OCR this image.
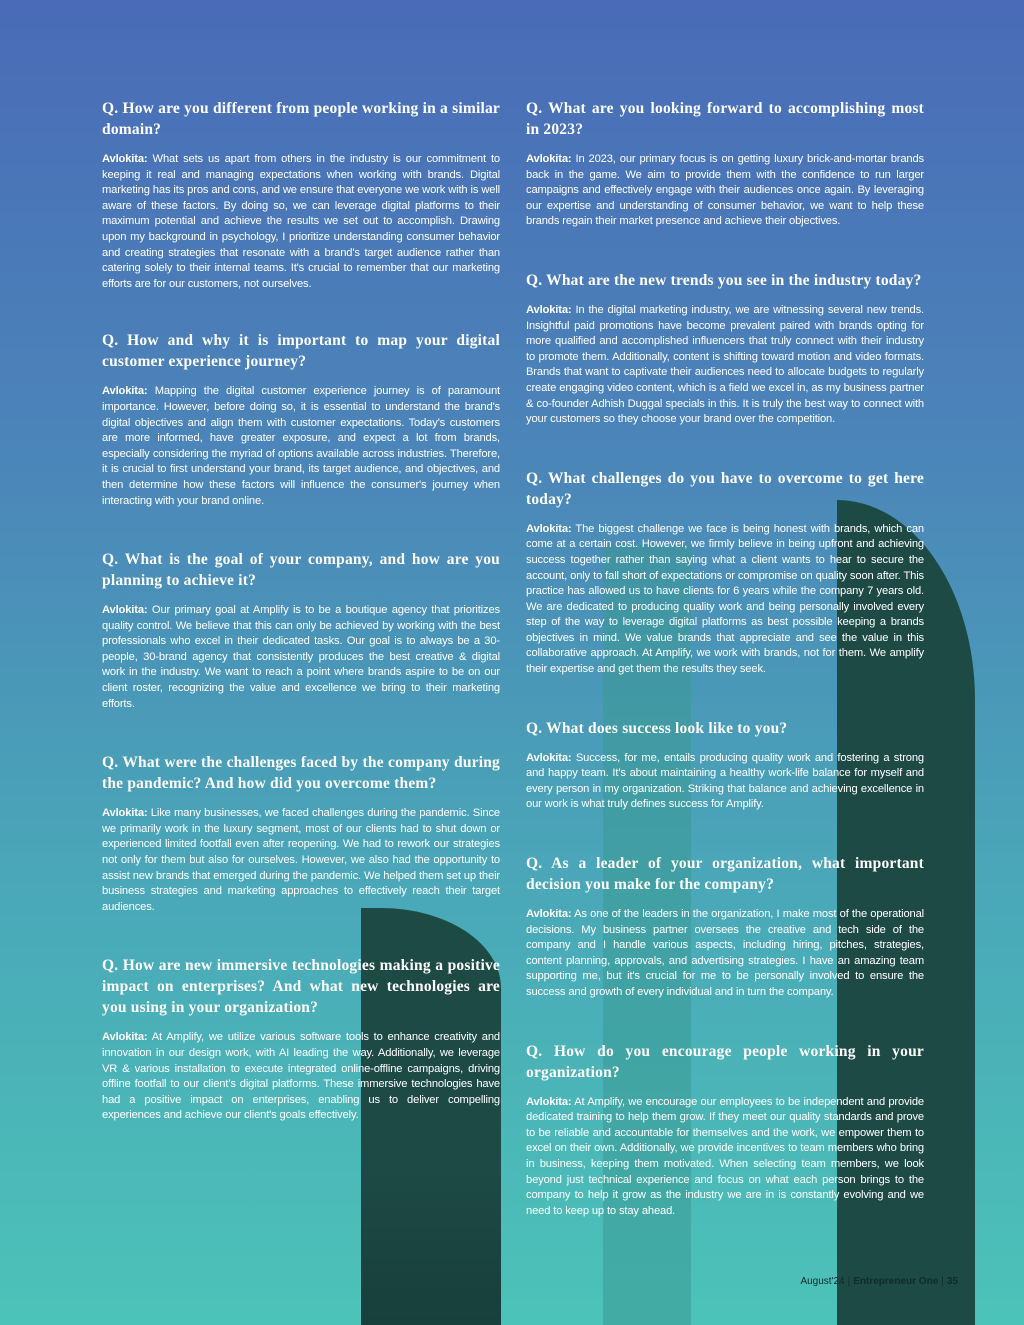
Q. How are you different from people working in a similar domain?

Avlokita: What sets us apart from others in the industry is our commitment to keeping it real and managing expectations when working with brands. Digital marketing has its pros and cons, and we ensure that everyone we work with is well aware of these factors. By doing so, we can leverage digital platforms to their maximum potential and achieve the results we set out to accomplish. Drawing upon my background in psychology, I prioritize understanding consumer behavior and creating strategies that resonate with a brand's target audience rather than catering solely to their internal teams. It's crucial to remember that our marketing efforts are for our customers, not ourselves.

Q. How and why it is important to map your digital customer experience journey?

Avlokita: Mapping the digital customer experience journey is of paramount importance. However, before doing so, it is essential to understand the brand's digital objectives and align them with customer expectations. Today's customers are more informed, have greater exposure, and expect a lot from brands, especially considering the myriad of options available across industries. Therefore, it is crucial to first understand your brand, its target audience, and objectives, and then determine how these factors will influence the consumer's journey when interacting with your brand online.

Q. What is the goal of your company, and how are you planning to achieve it?

Avlokita: Our primary goal at Amplify is to be a boutique agency that prioritizes quality control. We believe that this can only be achieved by working with the best professionals who excel in their dedicated tasks. Our goal is to always be a 30-people, 30-brand agency that consistently produces the best creative & digital work in the industry. We want to reach a point where brands aspire to be on our client roster, recognizing the value and excellence we bring to their marketing efforts.

Q. What were the challenges faced by the company during the pandemic? And how did you overcome them?

Avlokita: Like many businesses, we faced challenges during the pandemic. Since we primarily work in the luxury segment, most of our clients had to shut down or experienced limited footfall even after reopening. We had to rework our strategies not only for them but also for ourselves. However, we also had the opportunity to assist new brands that emerged during the pandemic. We helped them set up their business strategies and marketing approaches to effectively reach their target audiences.

Q. How are new immersive technologies making a positive impact on enterprises? And what new technologies are you using in your organization?

Avlokita: At Amplify, we utilize various software tools to enhance creativity and innovation in our design work, with AI leading the way. Additionally, we leverage VR & various installation to execute integrated online-offline campaigns, driving offline footfall to our client's digital platforms. These immersive technologies have had a positive impact on enterprises, enabling us to deliver compelling experiences and achieve our client's goals effectively.

Q. What are you looking forward to accomplishing most in 2023?

Avlokita: In 2023, our primary focus is on getting luxury brick-and-mortar brands back in the game. We aim to provide them with the confidence to run larger campaigns and effectively engage with their audiences once again. By leveraging our expertise and understanding of consumer behavior, we want to help these brands regain their market presence and achieve their objectives.

Q. What are the new trends you see in the industry today?

Avlokita: In the digital marketing industry, we are witnessing several new trends. Insightful paid promotions have become prevalent paired with brands opting for more qualified and accomplished influencers that truly connect with their industry to promote them. Additionally, content is shifting toward motion and video formats. Brands that want to captivate their audiences need to allocate budgets to regularly create engaging video content, which is a field we excel in, as my business partner & co-founder Adhish Duggal specials in this. It is truly the best way to connect with your customers so they choose your brand over the competition.

Q. What challenges do you have to overcome to get here today?

Avlokita: The biggest challenge we face is being honest with brands, which can come at a certain cost. However, we firmly believe in being upfront and achieving success together rather than saying what a client wants to hear to secure the account, only to fall short of expectations or compromise on quality soon after. This practice has allowed us to have clients for 6 years while the company 7 years old. We are dedicated to producing quality work and being personally involved every step of the way to leverage digital platforms as best possible keeping a brands objectives in mind. We value brands that appreciate and see the value in this collaborative approach. At Amplify, we work with brands, not for them. We amplify their expertise and get them the results they seek.

Q. What does success look like to you?

Avlokita: Success, for me, entails producing quality work and fostering a strong and happy team. It’s about maintaining a healthy work-life balance for myself and every person in my organization. Striking that balance and achieving excellence in our work is what truly defines success for Amplify.

Q. As a leader of your organization, what important decision you make for the company?

Avlokita: As one of the leaders in the organization, I make most of the operational decisions. My business partner oversees the creative and tech side of the company and I handle various aspects, including hiring, pitches, strategies, content planning, approvals, and advertising strategies. I have an amazing team supporting me, but it's crucial for me to be personally involved to ensure the success and growth of every individual and in turn the company.

Q. How do you encourage people working in your organization?

Avlokita: At Amplify, we encourage our employees to be independent and provide dedicated training to help them grow. If they meet our quality standards and prove to be reliable and accountable for themselves and the work, we empower them to excel on their own. Additionally, we provide incentives to team members who bring in business, keeping them motivated. When selecting team members, we look beyond just technical experience and focus on what each person brings to the company to help it grow as the industry we are in is constantly evolving and we need to keep up to stay ahead.

August'24 | Entrepreneur One | 35
